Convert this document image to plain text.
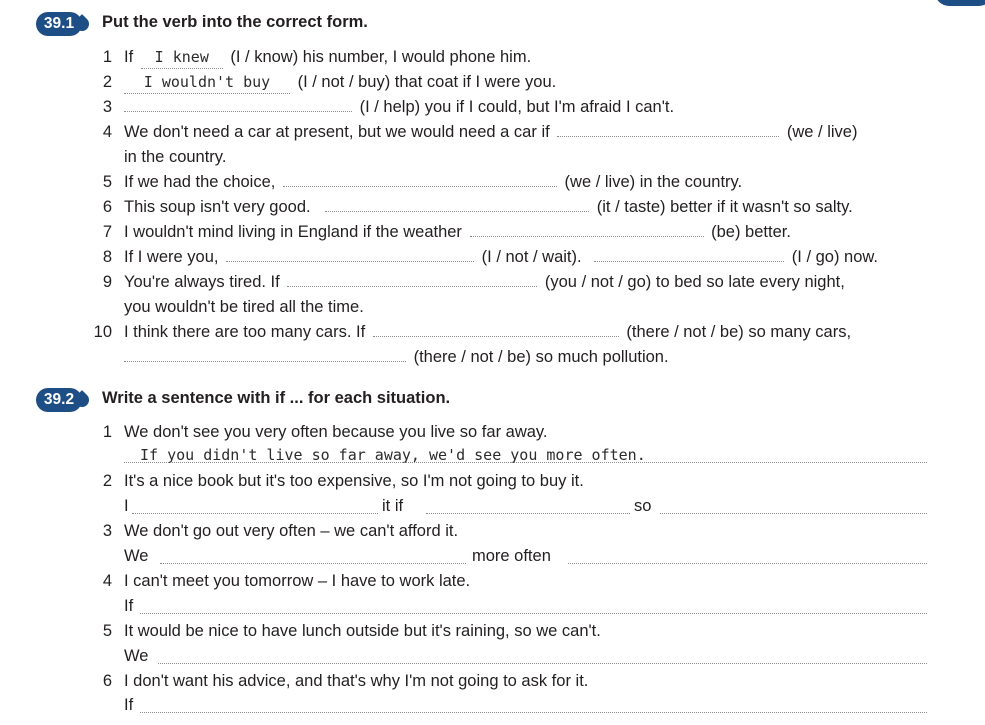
39.1	Put the verb into the correct form.
1 If I knew (I / know) his number, I would phone him.
2	I wouldn't buy (I / not / buy) that coat if I were you.
3	(I / help) you if I could, but I'm afraid I can't.
4 We don't need a car at present, but we would need a car if	(we / live)
in the country.
5 If we had the choice,	(we / live) in the country.
6 This soup isn't very good.	(it / taste) better if it wasn't so salty.
7 I wouldn't mind living in England if the weather	(be) better.
8 If I were you,	(I / not / wait).	(I / go) now.
9 You're always tired. If	(you / not / go) to bed so late every night,
you wouldn't be tired all the time.
10 I think there are too many cars. If	(there / not / be) so many cars,
(there / not / be) so much pollution.
39.2	Write a sentence with if ... for each situation.
1 We don't see you very often because you live so far away.
If you didn't live so far away, we'd see you more often.
2 It's a nice book but it's too expensive, so I'm not going to buy it.
I	it if	so
3 We don't go out very often – we can't afford it.
We	more often
4 I can't meet you tomorrow – I have to work late.
If
5 It would be nice to have lunch outside but it's raining, so we can't.
We
6 I don't want his advice, and that's why I'm not going to ask for it.
If
